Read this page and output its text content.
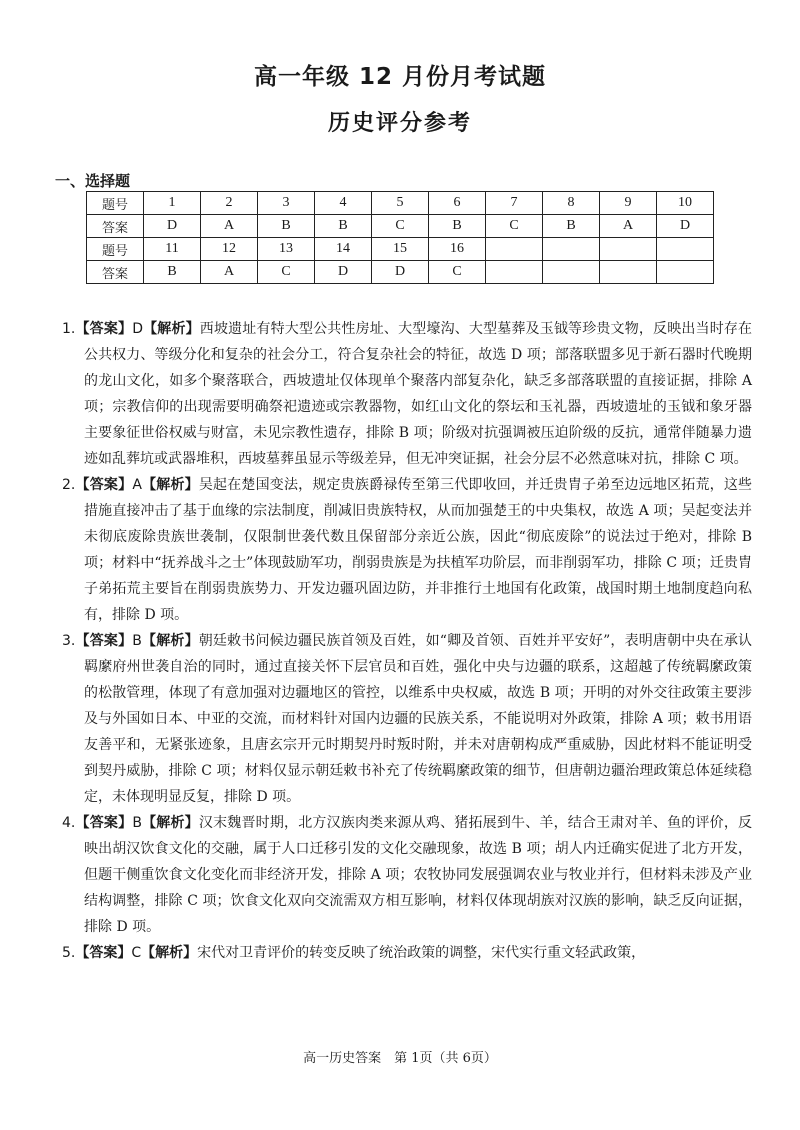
高一年级 12 月份月考试题
历史评分参考
一、选择题
题号	1	2	3	4	5	6	7	8	9	10
答案	D	A	B	B	C	B	C	B	A	D
题号	11	12	13	14	15	16				
答案	B	A	C	D	D	C				

1.【答案】D【解析】西坡遗址有特大型公共性房址、大型壕沟、大型墓葬及玉钺等珍贵文物，反映出当时存在公共权力、等级分化和复杂的社会分工，符合复杂社会的特征，故选 D 项；部落联盟多见于新石器时代晚期的龙山文化，如多个聚落联合，西坡遗址仅体现单个聚落内部复杂化，缺乏多部落联盟的直接证据，排除 A 项；宗教信仰的出现需要明确祭祀遗迹或宗教器物，如红山文化的祭坛和玉礼器，西坡遗址的玉钺和象牙器主要象征世俗权威与财富，未见宗教性遗存，排除 B 项；阶级对抗强调被压迫阶级的反抗，通常伴随暴力遗迹如乱葬坑或武器堆积，西坡墓葬虽显示等级差异，但无冲突证据，社会分层不必然意味对抗，排除 C 项。

2.【答案】A【解析】吴起在楚国变法，规定贵族爵禄传至第三代即收回，并迁贵胄子弟至边远地区拓荒，这些措施直接冲击了基于血缘的宗法制度，削减旧贵族特权，从而加强楚王的中央集权，故选 A 项；吴起变法并未彻底废除贵族世袭制，仅限制世袭代数且保留部分亲近公族，因此“彻底废除”的说法过于绝对，排除 B 项；材料中“抚养战斗之士”体现鼓励军功，削弱贵族是为扶植军功阶层，而非削弱军功，排除 C 项；迁贵胄子弟拓荒主要旨在削弱贵族势力、开发边疆巩固边防，并非推行土地国有化政策，战国时期土地制度趋向私有，排除 D 项。

3.【答案】B【解析】朝廷敕书问候边疆民族首领及百姓，如“卿及首领、百姓并平安好”，表明唐朝中央在承认羁縻府州世袭自治的同时，通过直接关怀下层官员和百姓，强化中央与边疆的联系，这超越了传统羁縻政策的松散管理，体现了有意加强对边疆地区的管控，以维系中央权威，故选 B 项；开明的对外交往政策主要涉及与外国如日本、中亚的交流，而材料针对国内边疆的民族关系，不能说明对外政策，排除 A 项；敕书用语友善平和，无紧张迹象，且唐玄宗开元时期契丹时叛时附，并未对唐朝构成严重威胁，因此材料不能证明受到契丹威胁，排除 C 项；材料仅显示朝廷敕书补充了传统羁縻政策的细节，但唐朝边疆治理政策总体延续稳定，未体现明显反复，排除 D 项。

4.【答案】B【解析】汉末魏晋时期，北方汉族肉类来源从鸡、猪拓展到牛、羊，结合王肃对羊、鱼的评价，反映出胡汉饮食文化的交融，属于人口迁移引发的文化交融现象，故选 B 项；胡人内迁确实促进了北方开发，但题干侧重饮食文化变化而非经济开发，排除 A 项；农牧协同发展强调农业与牧业并行，但材料未涉及产业结构调整，排除 C 项；饮食文化双向交流需双方相互影响，材料仅体现胡族对汉族的影响，缺乏反向证据，排除 D 项。

5.【答案】C【解析】宋代对卫青评价的转变反映了统治政策的调整，宋代实行重文轻武政策，

高一历史答案　第 1页（共 6页）
